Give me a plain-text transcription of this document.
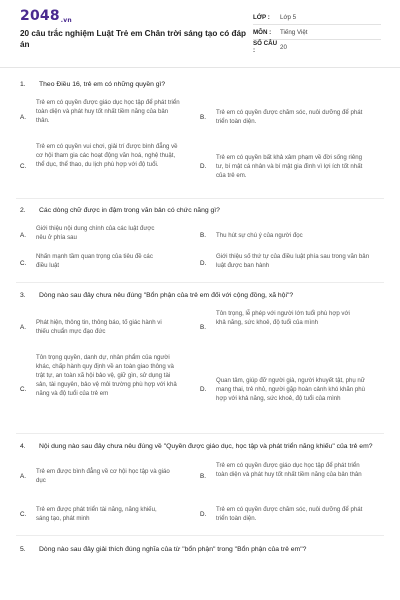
2048.vn
20 câu trắc nghiệm Luật Trẻ em Chân trời sáng tạo có đáp án
LỚP :	Lớp 5
MÔN :	Tiếng Việt
SỐ CÂU :	20
1.	Theo Điều 16, trẻ em có những quyền gì?
A.
Trẻ em có quyền được giáo dục học tập để phát triển toàn diện và phát huy tốt nhất tiềm năng của bản thân.	B.
Trẻ em có quyền được chăm sóc, nuôi dưỡng để phát triển toàn diện.
C.
Trẻ em có quyền vui chơi, giải trí được bình đẳng về cơ hội tham gia các hoạt động văn hoá, nghệ thuật, thể dục, thể thao, du lịch phù hợp với độ tuổi.	D.
Trẻ em có quyền bất khả xâm phạm về đời sống riêng tư, bí mật cá nhân và bí mật gia đình vì lợi ích tốt nhất của trẻ em.
2.	Các dòng chữ được in đậm trong văn bản có chức năng gì?
A.
Giới thiệu nội dung chính của các luật được nêu ở phía sau	B.	Thu hút sự chú ý của người đọc
C.
Nhấn mạnh tầm quan trọng của tiêu đề các điều luật	D.
Giới thiệu số thứ tự của điều luật phía sau trong văn bản luật được ban hành
3.	Dòng nào sau đây chưa nêu đúng "Bổn phận của trẻ em đối với cộng đồng, xã hội"?
A.
Phát hiện, thông tin, thông báo, tố giác hành vi thiếu chuẩn mực đạo đức
B.
Tôn trọng, lễ phép với người lớn tuổi phù hợp với khả năng, sức khoẻ, độ tuổi của mình
C.
Tôn trọng quyền, danh dự, nhân phẩm của người khác, chấp hành quy định về an toàn giao thông và trật tự, an toàn xã hội bảo vệ, giữ gìn, sử dụng tài sản, tài nguyên, bảo vệ môi trường phù hợp với khả năng và độ tuổi của trẻ em
D.
Quan tâm, giúp đỡ người già, người khuyết tật, phụ nữ mang thai, trẻ nhỏ, người gặp hoàn cảnh khó khăn phù hợp với khả năng, sức khoẻ, độ tuổi của mình
4.	Nội dung nào sau đây chưa nêu đúng về "Quyền được giáo dục, học tập và phát triển năng khiếu" của trẻ em?
A.
Trẻ em được bình đẳng về cơ hội học tập và giáo dục
B.
Trẻ em có quyền được giáo dục học tập để phát triển toàn diện và phát huy tốt nhất tiềm năng của bản thân
C.
Trẻ em được phát triển tài năng, năng khiếu, sáng tạo, phát minh
D.
Trẻ em có quyền được chăm sóc, nuôi dưỡng để phát triển toàn diện.
5.	Dòng nào sau đây giải thích đúng nghĩa của từ "bổn phận" trong "Bổn phận của trẻ em"?
